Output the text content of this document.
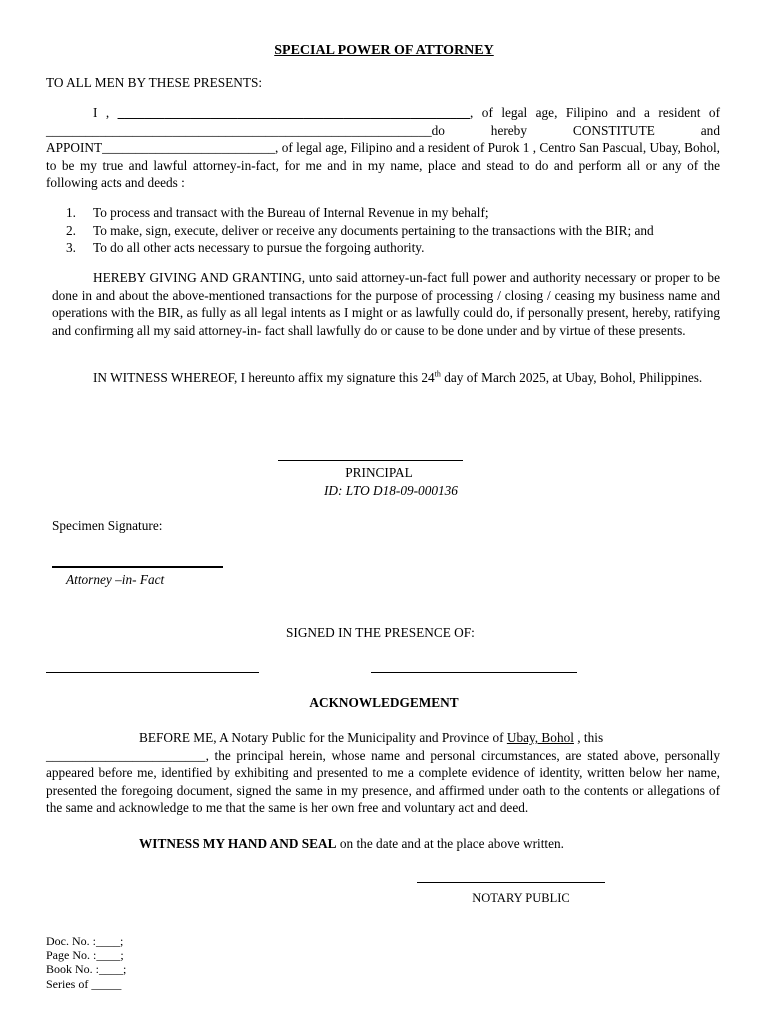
SPECIAL POWER OF ATTORNEY
TO ALL MEN BY THESE PRESENTS:
I , _____________________________________________________, of legal age, Filipino and a resident of
__________________________________________________________do	hereby	CONSTITUTE	and
APPOINT__________________________, of legal age, Filipino and a resident of Purok 1 , Centro San Pascual, Ubay, Bohol, to be my true and lawful attorney-in-fact, for me and in my name, place and stead to do and perform all or any of the following acts and deeds :
1.	To process and transact with the Bureau of Internal Revenue in my behalf;
2.	To make, sign, execute, deliver or receive any documents pertaining to the transactions with the BIR; and
3.	To do all other acts necessary to pursue the forgoing authority.
HEREBY GIVING AND GRANTING, unto said attorney-un-fact full power and authority necessary or proper to be done in and about the above-mentioned transactions for the purpose of processing / closing / ceasing my business name and operations with the BIR, as fully as all legal intents as I might or as lawfully could do, if personally present, hereby, ratifying and confirming all my said attorney-in- fact shall lawfully do or cause to be done under and by virtue of these presents.
IN WITNESS WHEREOF, I hereunto affix my signature this 24th day of March 2025, at Ubay, Bohol, Philippines.
PRINCIPAL
ID: LTO D18-09-000136
Specimen Signature:
Attorney –in- Fact
SIGNED IN THE PRESENCE OF:
ACKNOWLEDGEMENT
BEFORE ME, A Notary Public for the Municipality and Province of Ubay, Bohol , this
________________________, the principal herein, whose name and personal circumstances, are stated above, personally appeared before me, identified by exhibiting and presented to me a complete evidence of identity, written below her name, presented the foregoing document, signed the same in my presence, and affirmed under oath to the contents or allegations of the same and acknowledge to me that the same is her own free and voluntary act and deed.
WITNESS MY HAND AND SEAL on the date and at the place above written.
NOTARY PUBLIC
Doc. No. :____;
Page No. :____;
Book No. :____;
Series of _____
